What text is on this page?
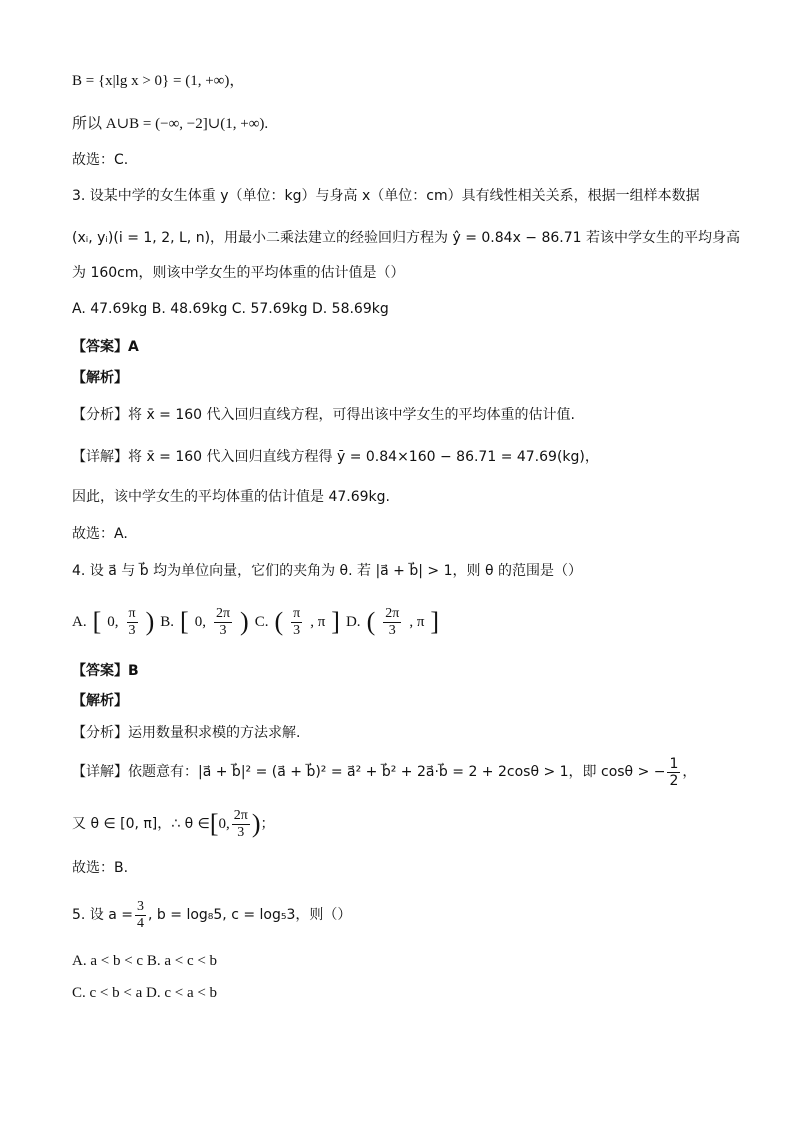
B = {x|lg x > 0} = (1, +∞)，
所以 A∪B = (−∞, −2]∪(1, +∞).
故选：C.
3. 设某中学的女生体重 y（单位：kg）与身高 x（单位：cm）具有线性相关关系，根据一组样本数据
(xᵢ, yᵢ)(i = 1, 2, L, n)，用最小二乘法建立的经验回归方程为 ŷ = 0.84x − 86.71 若该中学女生的平均身高
为 160cm，则该中学女生的平均体重的估计值是（）
A. 47.69kg B. 48.69kg C. 57.69kg D. 58.69kg
【答案】A
【解析】
【分析】将 x̄ = 160 代入回归直线方程，可得出该中学女生的平均体重的估计值.
【详解】将 x̄ = 160 代入回归直线方程得 ȳ = 0.84×160 − 86.71 = 47.69(kg)，
因此，该中学女生的平均体重的估计值是 47.69kg.
故选：A.
4. 设 a⃗ 与 b⃗ 均为单位向量，它们的夹角为 θ. 若 |a⃗ + b⃗| > 1，则 θ 的范围是（）
A. [ 0, $\frac{\pi}{3}$ ) B. [ 0, $\frac{2\pi}{3}$ ) C. ( $\frac{\pi}{3}$ , π ] D. ( $\frac{2\pi}{3}$ , π ]
【答案】B
【解析】
【分析】运用数量积求模的方法求解.
【详解】依题意有：|a⃗ + b⃗|² = (a⃗ + b⃗)² = a⃗² + b⃗² + 2a⃗·b⃗ = 2 + 2cosθ > 1，即 cosθ > − $\frac{1}{2}$ ，
又 θ ∈ [0, π]，∴ θ ∈ [ 0, $\frac{2\pi}{3}$ ) ；
故选：B.
5. 设 $a = \frac{3}{4}$ , b = log₈5, c = log₅3，则（）
A. a < b < c B. a < c < b
C. c < b < a D. c < a < b
